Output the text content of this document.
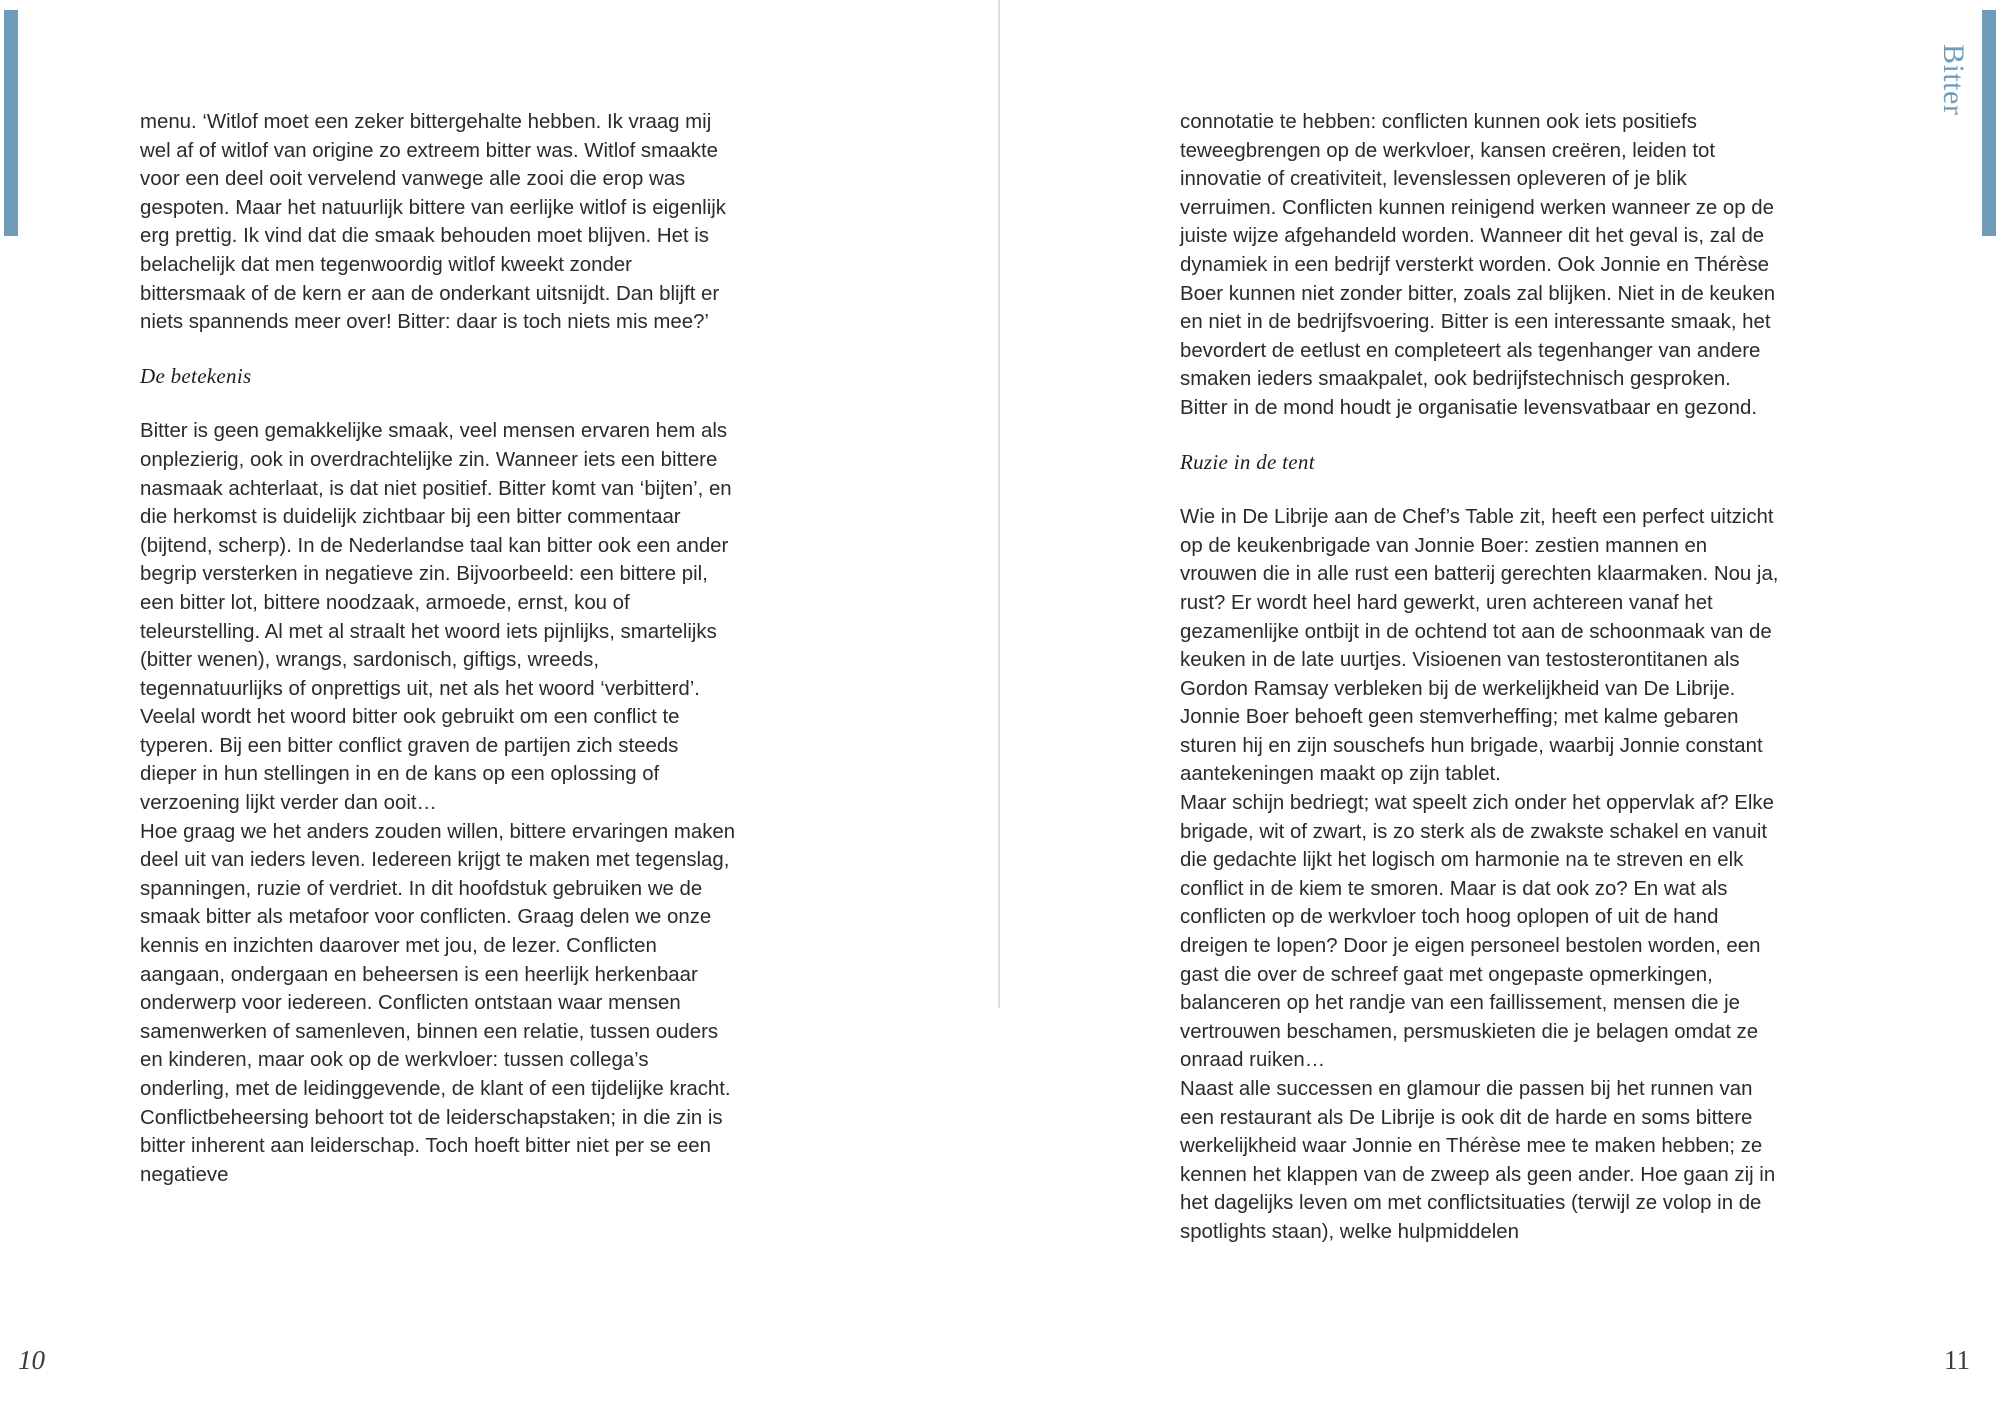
Bitter

menu. ‘Witlof moet een zeker bittergehalte hebben. Ik vraag mij wel af of witlof van origine zo extreem bitter was. Witlof smaakte voor een deel ooit vervelend vanwege alle zooi die erop was gespoten. Maar het natuurlijk bittere van eerlijke witlof is eigenlijk erg prettig. Ik vind dat die smaak behouden moet blijven. Het is belachelijk dat men tegenwoordig witlof kweekt zonder bittersmaak of de kern er aan de onderkant uitsnijdt. Dan blijft er niets spannends meer over! Bitter: daar is toch niets mis mee?’

De betekenis

Bitter is geen gemakkelijke smaak, veel mensen ervaren hem als onplezierig, ook in overdrachtelijke zin. Wanneer iets een bittere nasmaak achterlaat, is dat niet positief. Bitter komt van ‘bijten’, en die herkomst is duidelijk zichtbaar bij een bitter commentaar (bijtend, scherp). In de Nederlandse taal kan bitter ook een ander begrip versterken in negatieve zin. Bijvoorbeeld: een bittere pil, een bitter lot, bittere noodzaak, armoede, ernst, kou of teleurstelling. Al met al straalt het woord iets pijnlijks, smartelijks (bitter wenen), wrangs, sardonisch, giftigs, wreeds, tegennatuurlijks of onprettigs uit, net als het woord ‘verbitterd’. Veelal wordt het woord bitter ook gebruikt om een conflict te typeren. Bij een bitter conflict graven de partijen zich steeds dieper in hun stellingen in en de kans op een oplossing of verzoening lijkt verder dan ooit…

Hoe graag we het anders zouden willen, bittere ervaringen maken deel uit van ieders leven. Iedereen krijgt te maken met tegenslag, spanningen, ruzie of verdriet. In dit hoofdstuk gebruiken we de smaak bitter als metafoor voor conflicten. Graag delen we onze kennis en inzichten daarover met jou, de lezer. Conflicten aangaan, ondergaan en beheersen is een heerlijk herkenbaar onderwerp voor iedereen. Conflicten ontstaan waar mensen samenwerken of samenleven, binnen een relatie, tussen ouders en kinderen, maar ook op de werkvloer: tussen collega’s onderling, met de leidinggevende, de klant of een tijdelijke kracht. Conflictbeheersing behoort tot de leiderschapstaken; in die zin is bitter inherent aan leiderschap. Toch hoeft bitter niet per se een negatieve

10

connotatie te hebben: conflicten kunnen ook iets positiefs teweegbrengen op de werkvloer, kansen creëren, leiden tot innovatie of creativiteit, levenslessen opleveren of je blik verruimen. Conflicten kunnen reinigend werken wanneer ze op de juiste wijze afgehandeld worden. Wanneer dit het geval is, zal de dynamiek in een bedrijf versterkt worden. Ook Jonnie en Thérèse Boer kunnen niet zonder bitter, zoals zal blijken. Niet in de keuken en niet in de bedrijfsvoering. Bitter is een interessante smaak, het bevordert de eetlust en completeert als tegenhanger van andere smaken ieders smaakpalet, ook bedrijfstechnisch gesproken. Bitter in de mond houdt je organisatie levensvatbaar en gezond.

Ruzie in de tent

Wie in De Librije aan de Chef’s Table zit, heeft een perfect uitzicht op de keukenbrigade van Jonnie Boer: zestien mannen en vrouwen die in alle rust een batterij gerechten klaarmaken. Nou ja, rust? Er wordt heel hard gewerkt, uren achtereen vanaf het gezamenlijke ontbijt in de ochtend tot aan de schoonmaak van de keuken in de late uurtjes. Visioenen van testosterontitanen als Gordon Ramsay verbleken bij de werkelijkheid van De Librije. Jonnie Boer behoeft geen stemverheffing; met kalme gebaren sturen hij en zijn souschefs hun brigade, waarbij Jonnie constant aantekeningen maakt op zijn tablet.

Maar schijn bedriegt; wat speelt zich onder het oppervlak af? Elke brigade, wit of zwart, is zo sterk als de zwakste schakel en vanuit die gedachte lijkt het logisch om harmonie na te streven en elk conflict in de kiem te smoren. Maar is dat ook zo? En wat als conflicten op de werkvloer toch hoog oplopen of uit de hand dreigen te lopen? Door je eigen personeel bestolen worden, een gast die over de schreef gaat met ongepaste opmerkingen, balanceren op het randje van een faillissement, mensen die je vertrouwen beschamen, persmuskieten die je belagen omdat ze onraad ruiken…

Naast alle successen en glamour die passen bij het runnen van een restaurant als De Librije is ook dit de harde en soms bittere werkelijkheid waar Jonnie en Thérèse mee te maken hebben; ze kennen het klappen van de zweep als geen ander. Hoe gaan zij in het dagelijks leven om met conflictsituaties (terwijl ze volop in de spotlights staan), welke hulpmiddelen

11
